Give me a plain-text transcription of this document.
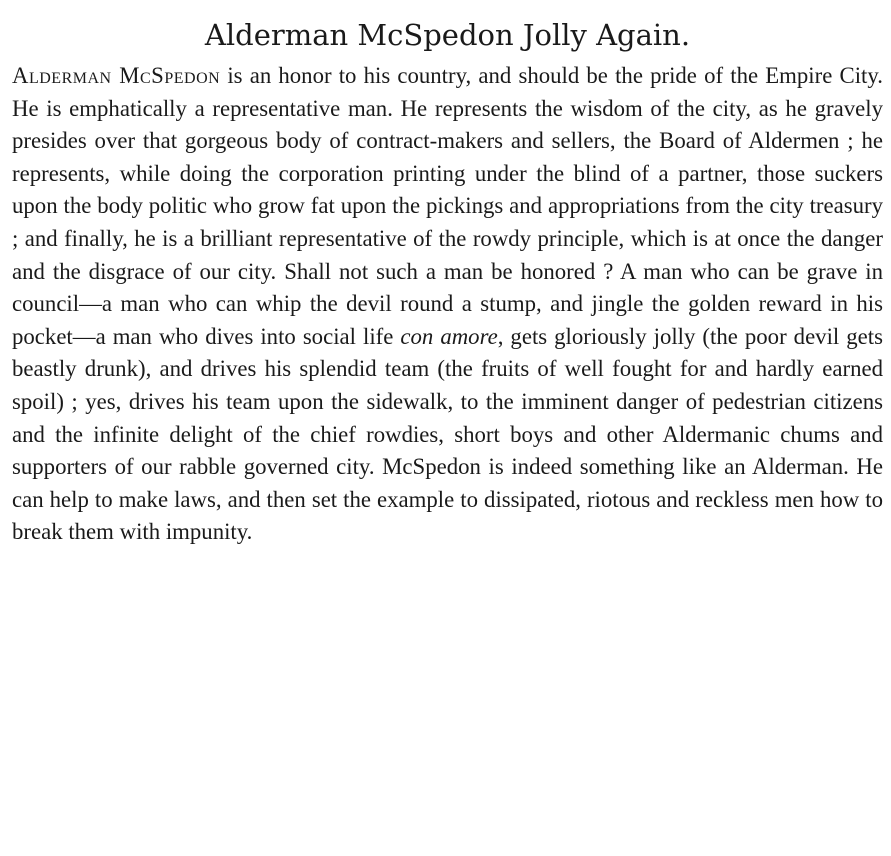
Alderman McSpedon Jolly Again.

Alderman McSpedon is an honor to his country, and should be the pride of the Empire City. He is emphatically a representative man. He represents the wisdom of the city, as he gravely presides over that gorgeous body of contract-makers and sellers, the Board of Aldermen ; he represents, while doing the corporation printing under the blind of a partner, those suckers upon the body politic who grow fat upon the pickings and appropriations from the city treasury ; and finally, he is a brilliant representative of the rowdy principle, which is at once the danger and the disgrace of our city. Shall not such a man be honored ? A man who can be grave in council—a man who can whip the devil round a stump, and jingle the golden reward in his pocket—a man who dives into social life con amore, gets gloriously jolly (the poor devil gets beastly drunk), and drives his splendid team (the fruits of well fought for and hardly earned spoil) ; yes, drives his team upon the sidewalk, to the imminent danger of pedestrian citizens and the infinite delight of the chief rowdies, short boys and other Aldermanic chums and supporters of our rabble governed city. McSpedon is indeed something like an Alderman. He can help to make laws, and then set the example to dissipated, riotous and reckless men how to break them with impunity.
